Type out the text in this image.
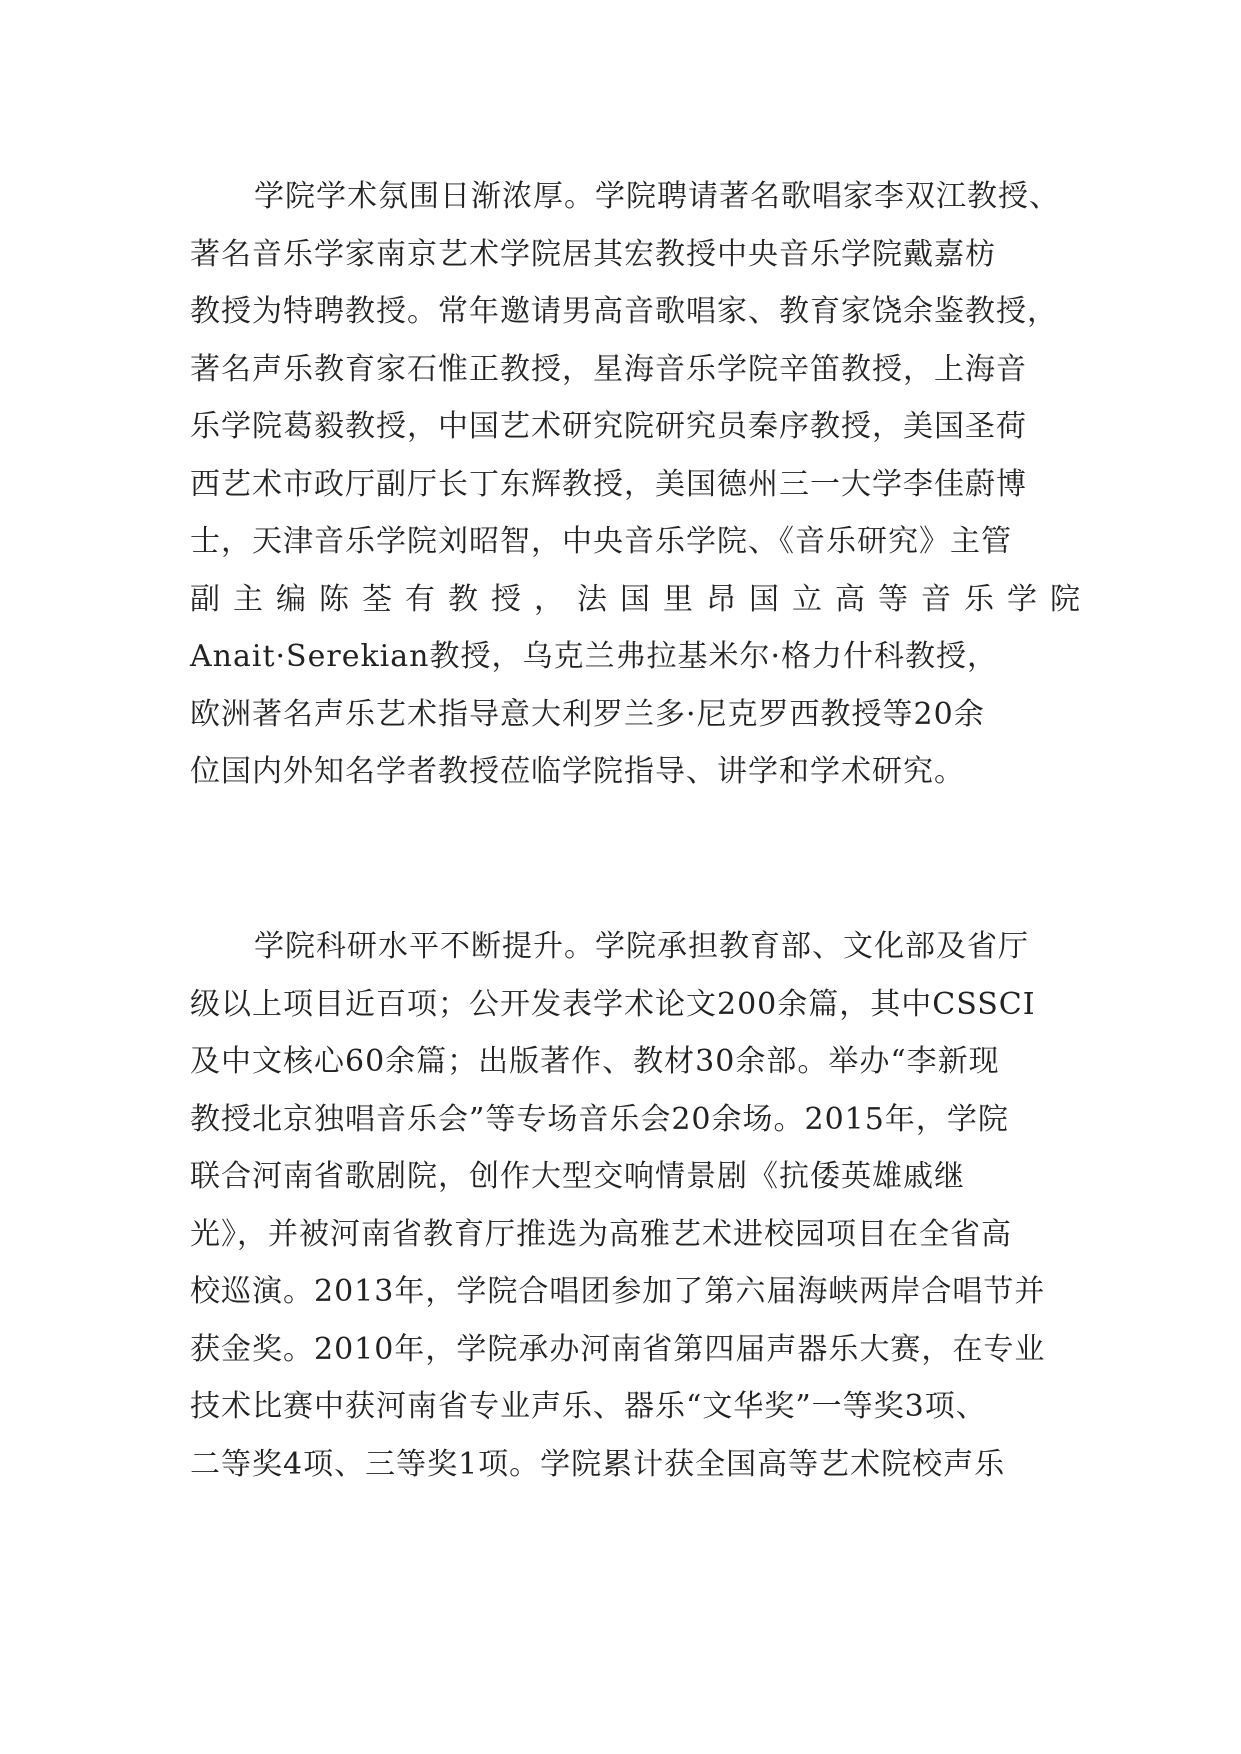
学院学术氛围日渐浓厚。学院聘请著名歌唱家李双江教授、
著名音乐学家南京艺术学院居其宏教授中央音乐学院戴嘉枋
教授为特聘教授。常年邀请男高音歌唱家、教育家饶余鉴教授，
著名声乐教育家石惟正教授，星海音乐学院辛笛教授，上海音
乐学院葛毅教授，中国艺术研究院研究员秦序教授，美国圣荷
西艺术市政厅副厅长丁东辉教授，美国德州三一大学李佳蔚博
士，天津音乐学院刘昭智，中央音乐学院、《音乐研究》主管
副主编陈荃有教授，法国里昂国立高等音乐学院
Anait·Serekian教授，乌克兰弗拉基米尔·格力什科教授，
欧洲著名声乐艺术指导意大利罗兰多·尼克罗西教授等20余
位国内外知名学者教授莅临学院指导、讲学和学术研究。
学院科研水平不断提升。学院承担教育部、文化部及省厅
级以上项目近百项；公开发表学术论文200余篇，其中CSSCI
及中文核心60余篇；出版著作、教材30余部。举办“李新现
教授北京独唱音乐会”等专场音乐会20余场。2015年，学院
联合河南省歌剧院，创作大型交响情景剧《抗倭英雄戚继
光》，并被河南省教育厅推选为高雅艺术进校园项目在全省高
校巡演。2013年，学院合唱团参加了第六届海峡两岸合唱节并
获金奖。2010年，学院承办河南省第四届声器乐大赛，在专业
技术比赛中获河南省专业声乐、器乐“文华奖”一等奖3项、
二等奖4项、三等奖1项。学院累计获全国高等艺术院校声乐
